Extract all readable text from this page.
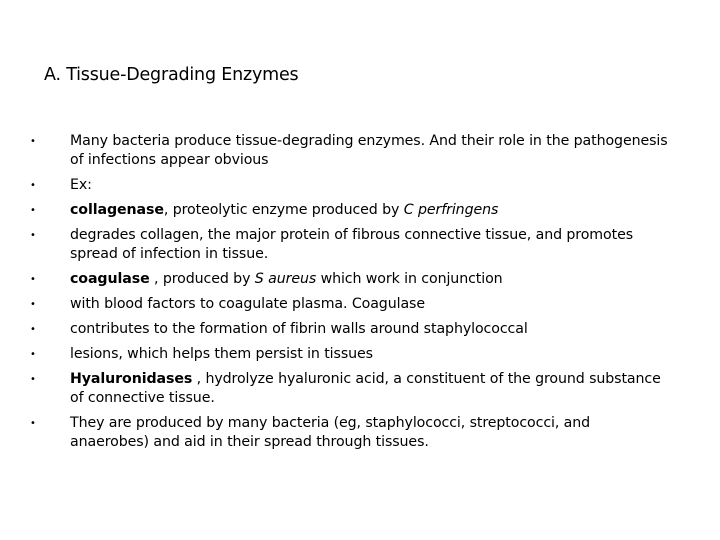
A. Tissue-Degrading Enzymes
• Many bacteria produce tissue-degrading enzymes. And their role in the pathogenesis of infections appear obvious
• Ex:
• collagenase, proteolytic enzyme produced by C perfringens
• degrades collagen, the major protein of fibrous connective tissue, and promotes spread of infection in tissue.
• coagulase , produced by S aureus which work in conjunction
• with blood factors to coagulate plasma. Coagulase
• contributes to the formation of fibrin walls around staphylococcal
• lesions, which helps them persist in tissues
• Hyaluronidases , hydrolyze hyaluronic acid, a constituent of the ground substance of connective tissue.
• They are produced by many bacteria (eg, staphylococci, streptococci, and anaerobes) and aid in their spread through tissues.
